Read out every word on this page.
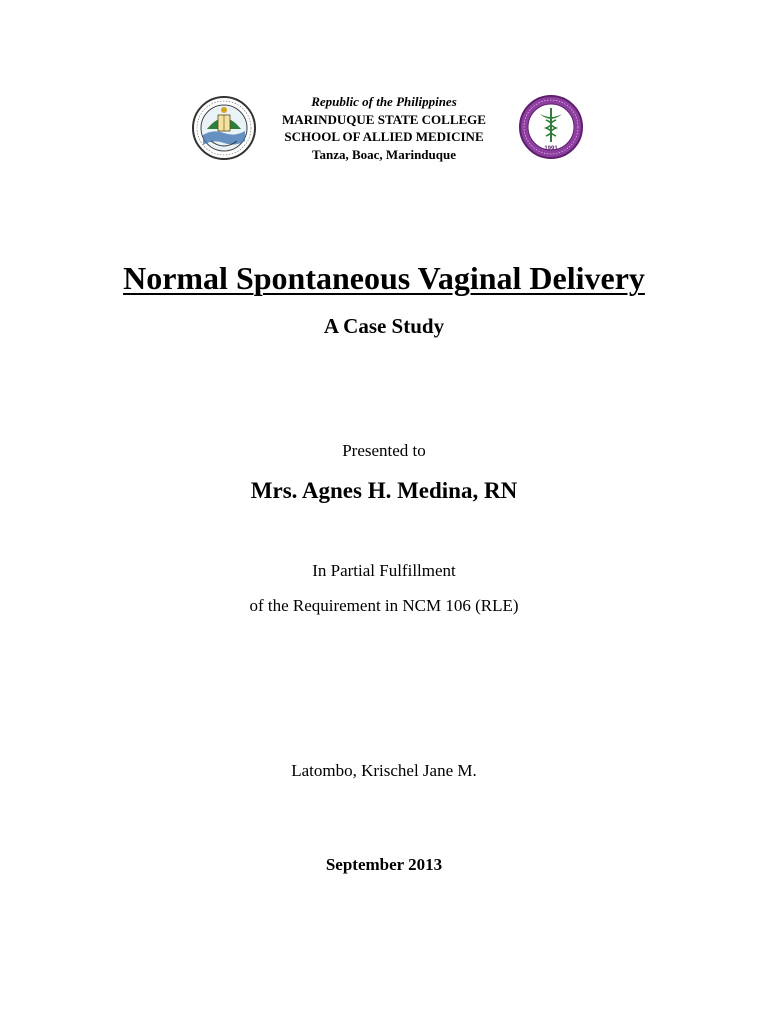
1991
Republic of the Philippines
MARINDUQUE STATE COLLEGE
SCHOOL OF ALLIED MEDICINE
Tanza, Boac, Marinduque
Normal Spontaneous Vaginal Delivery
A Case Study
Presented to
Mrs. Agnes H. Medina, RN
In Partial Fulfillment
of the Requirement in NCM 106 (RLE)
Latombo, Krischel Jane M.
September 2013
